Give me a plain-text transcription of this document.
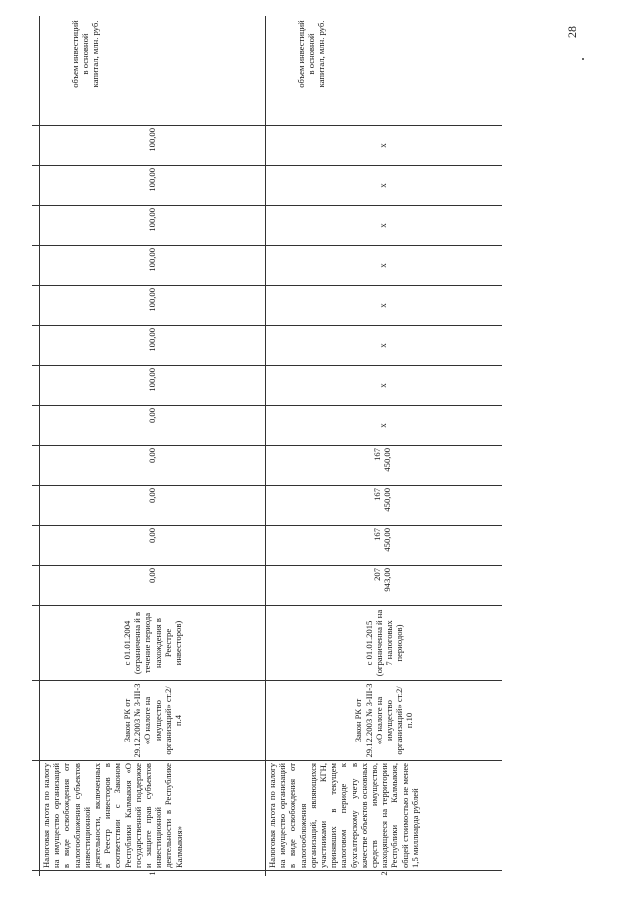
28
1
Налоговая льгота по налогу на имущество организаций в виде освобождения от налогообложения субъектов инвестиционной деятельности, включенных в Реестр инвесторов в соответствии с Законом Республики Калмыкия «О государственной поддержке и защите прав субъектов инвестиционной деятельности в Республике Калмыкия»
Закон РК от 29.12.2003 № 3-III-З «О налоге на имущество организаций» ст.2/п.4
с 01.01.2004 (ограниченна й в течение периода нахождения в Реестре инвесторов)
0,00
0,00
0,00
0,00
0,00
100,00
100,00
100,00
100,00
100,00
100,00
100,00
объем инвестиций в основной капитал, млн. руб.
2
Налоговая льгота по налогу на имущество организаций в виде освобождения от налогообложения организаций, являющихся участниками КГН, принявших в текущем налоговом периоде к бухгалтерскому учету в качестве объектов основных средств имущество, находящееся на территории Республики Калмыкия, общей стоимостью не менее 1,5 миллиарда рублей
Закон РК от 29.12.2003 № 3-III-З «О налоге на имущество организаций» ст.2/п.10
с 01.01.2015 (ограниченна й на 7 налоговых периодов)
207 943,00
167 450,00
167 450,00
167 450,00
x
x
x
x
x
x
x
x
объем инвестиций в основной капитал, млн. руб.
